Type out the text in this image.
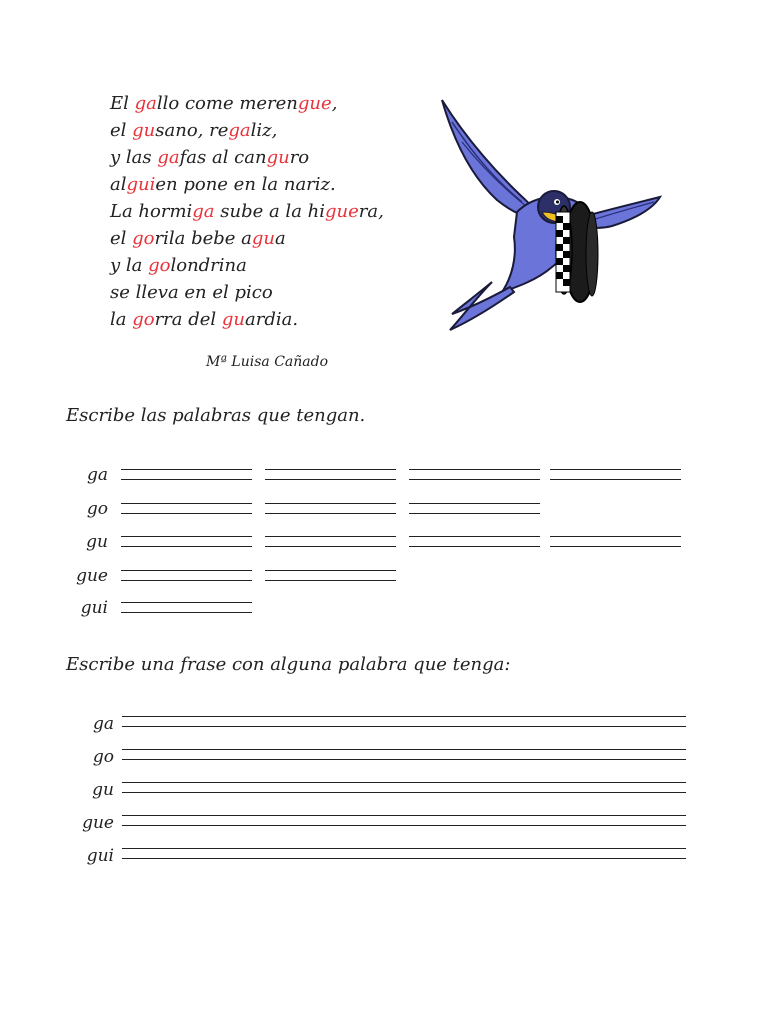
El gallo come merengue,
el gusano, regaliz,
y las gafas al canguro
alguien pone en la nariz.
La hormiga sube a la higuera,
el gorila bebe agua
y la golondrina
se lleva en el pico
la gorra del guardia.
Mª Luisa Cañado
Escribe las palabras que tengan.
ga
go
gu
gue
gui
Escribe una frase con alguna palabra que tenga:
ga
go
gu
gue
gui
